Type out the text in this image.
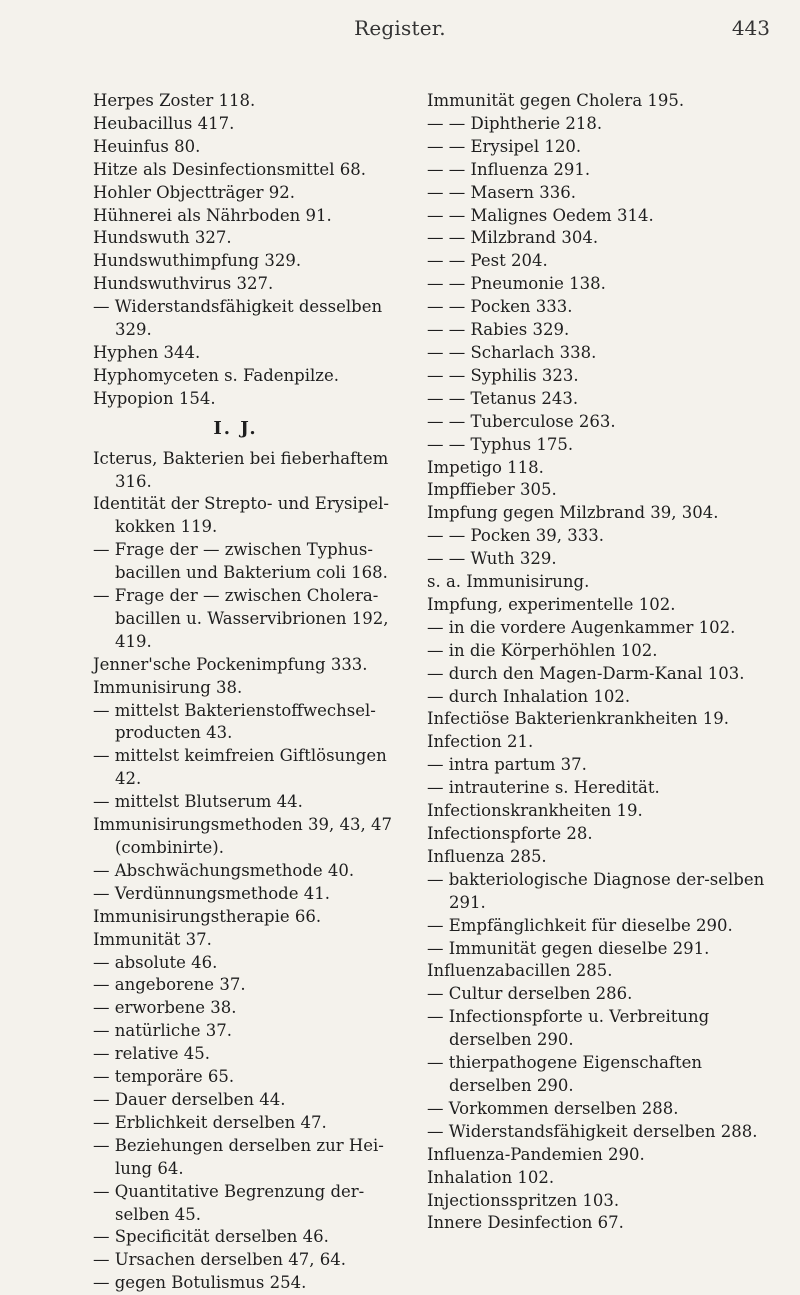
Register.	443
Herpes Zoster 118.
Heubacillus 417.
Heuinfus 80.
Hitze als Desinfectionsmittel 68.
Hohler Objectträger 92.
Hühnerei als Nährboden 91.
Hundswuth 327.
Hundswuthimpfung 329.
Hundswuthvirus 327.
— Widerstandsfähigkeit desselben 329.
Hyphen 344.
Hyphomyceten s. Fadenpilze.
Hypopion 154.
I. J.
Icterus, Bakterien bei fieberhaftem 316.
Identität der Strepto- und Erysipel-kokken 119.
— Frage der — zwischen Typhus-bacillen und Bakterium coli 168.
— Frage der — zwischen Cholera-bacillen u. Wasservibrionen 192, 419.
Jenner'sche Pockenimpfung 333.
Immunisirung 38.
— mittelst Bakterienstoffwechsel-producten 43.
— mittelst keimfreien Giftlösungen 42.
— mittelst Blutserum 44.
Immunisirungsmethoden 39, 43, 47 (combinirte).
— Abschwächungsmethode 40.
— Verdünnungsmethode 41.
Immunisirungstherapie 66.
Immunität 37.
— absolute 46.
— angeborene 37.
— erworbene 38.
— natürliche 37.
— relative 45.
— temporäre 65.
— Dauer derselben 44.
— Erblichkeit derselben 47.
— Beziehungen derselben zur Hei-lung 64.
— Quantitative Begrenzung der-selben 45.
— Specificität derselben 46.
— Ursachen derselben 47, 64.
— gegen Botulismus 254.
Immunität gegen Cholera 195.
— — Diphtherie 218.
— — Erysipel 120.
— — Influenza 291.
— — Masern 336.
— — Malignes Oedem 314.
— — Milzbrand 304.
— — Pest 204.
— — Pneumonie 138.
— — Pocken 333.
— — Rabies 329.
— — Scharlach 338.
— — Syphilis 323.
— — Tetanus 243.
— — Tuberculose 263.
— — Typhus 175.
Impetigo 118.
Impffieber 305.
Impfung gegen Milzbrand 39, 304.
— — Pocken 39, 333.
— — Wuth 329.
s. a. Immunisirung.
Impfung, experimentelle 102.
— in die vordere Augenkammer 102.
— in die Körperhöhlen 102.
— durch den Magen-Darm-Kanal 103.
— durch Inhalation 102.
Infectiöse Bakterienkrankheiten 19.
Infection 21.
— intra partum 37.
— intrauterine s. Heredität.
Infectionskrankheiten 19.
Infectionspforte 28.
Influenza 285.
— bakteriologische Diagnose der-selben 291.
— Empfänglichkeit für dieselbe 290.
— Immunität gegen dieselbe 291.
Influenzabacillen 285.
— Cultur derselben 286.
— Infectionspforte u. Verbreitung derselben 290.
— thierpathogene Eigenschaften derselben 290.
— Vorkommen derselben 288.
— Widerstandsfähigkeit derselben 288.
Influenza-Pandemien 290.
Inhalation 102.
Injectionsspritzen 103.
Innere Desinfection 67.
